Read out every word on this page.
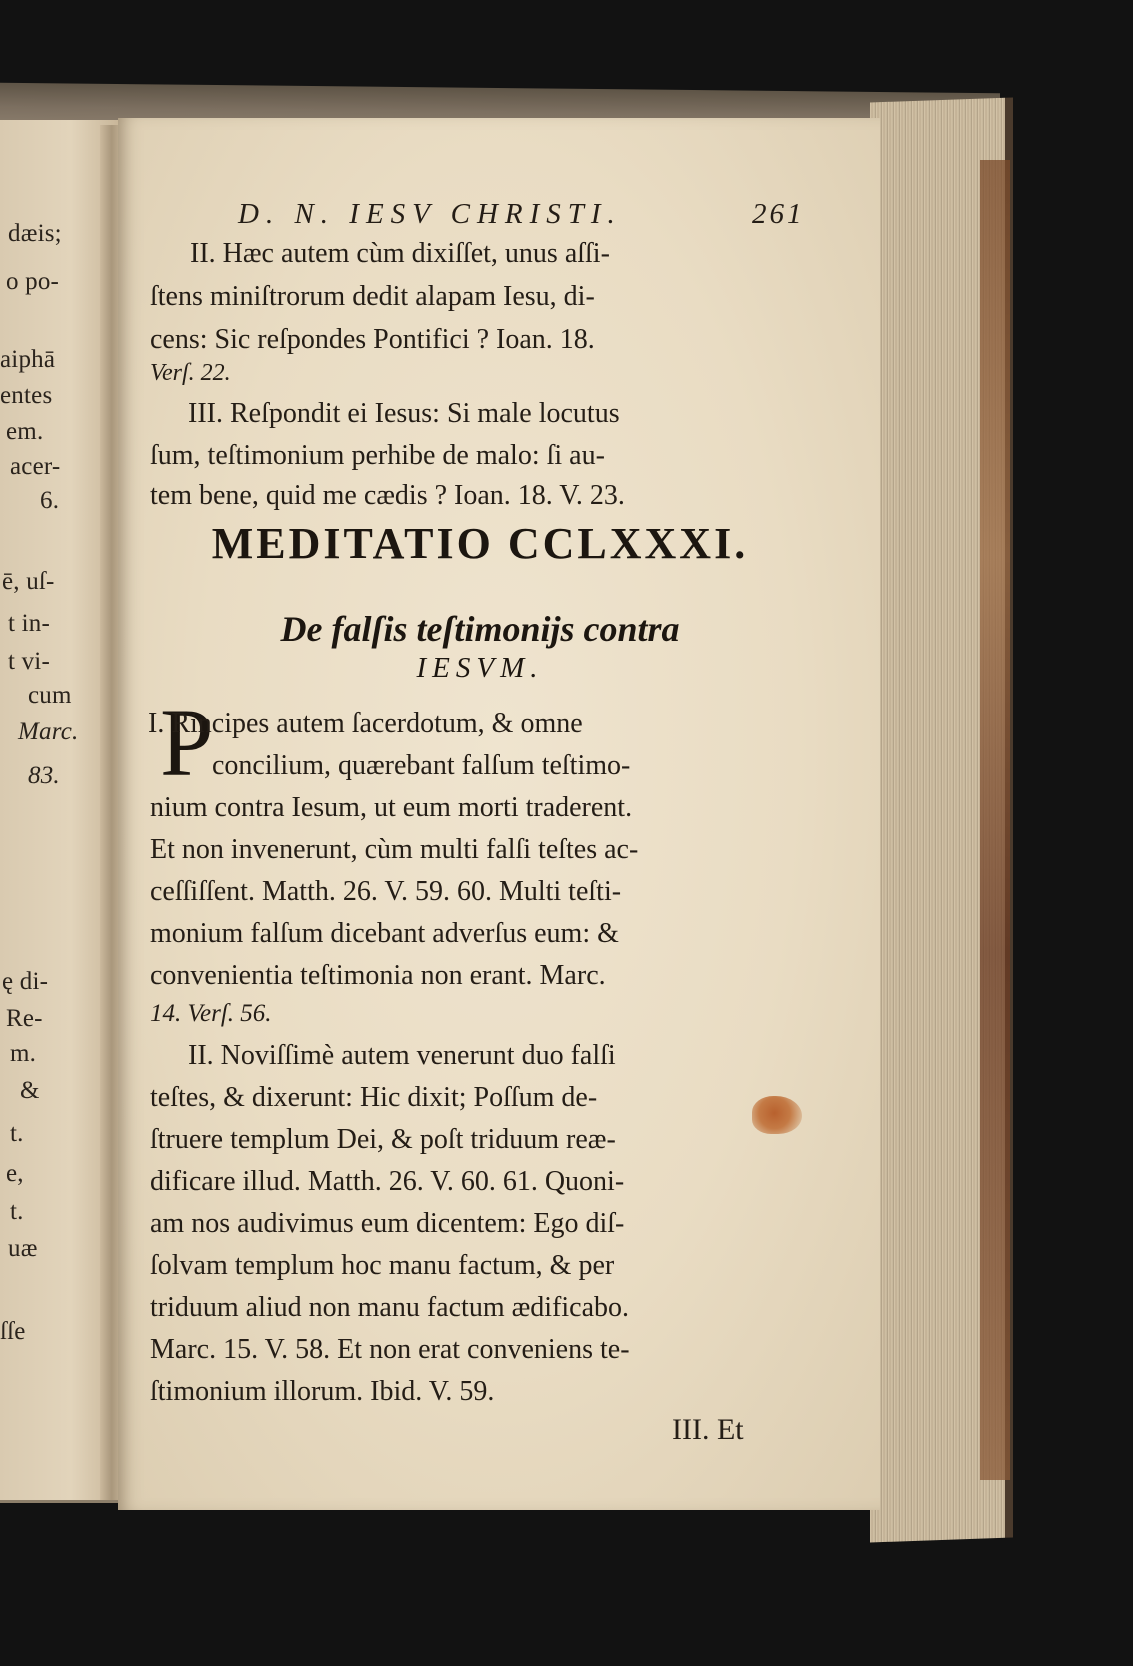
dæis;
o po-
aiphā
entes
em.
acer-
6.
ē, uſ-
t in-
t vi-
cum
Marc.
83.
ę di-
Re-
m.
&
t.
e,
t.
uæ
ſſe
D. N. IESV CHRISTI.	261
II. Hæc autem cùm dixiſſet, unus aſſi-
ſtens miniſtrorum dedit alapam Iesu, di-
cens: Sic reſpondes Pontifici ? Ioan. 18.
Verſ. 22.
III. Reſpondit ei Iesus: Si male locutus
ſum, teſtimonium perhibe de malo: ſi au-
tem bene, quid me cædis ? Ioan. 18. V. 23.
MEDITATIO CCLXXXI.
De falſis teſtimonijs contra
IESVM.
P
I. Rincipes autem ſacerdotum, & omne
concilium, quærebant falſum teſtimo-
nium contra Iesum, ut eum morti traderent.
Et non invenerunt, cùm multi falſi teſtes ac-
ceſſiſſent. Matth. 26. V. 59. 60. Multi teſti-
monium falſum dicebant adverſus eum: &
convenientia teſtimonia non erant. Marc.
14. Verſ. 56.
II. Noviſſimè autem venerunt duo falſi
teſtes, & dixerunt: Hic dixit; Poſſum de-
ſtruere templum Dei, & poſt triduum reæ-
dificare illud. Matth. 26. V. 60. 61. Quoni-
am nos audivimus eum dicentem: Ego diſ-
ſolvam templum hoc manu factum, & per
triduum aliud non manu factum ædificabo.
Marc. 15. V. 58. Et non erat conveniens te-
ſtimonium illorum. Ibid. V. 59.
III. Et
